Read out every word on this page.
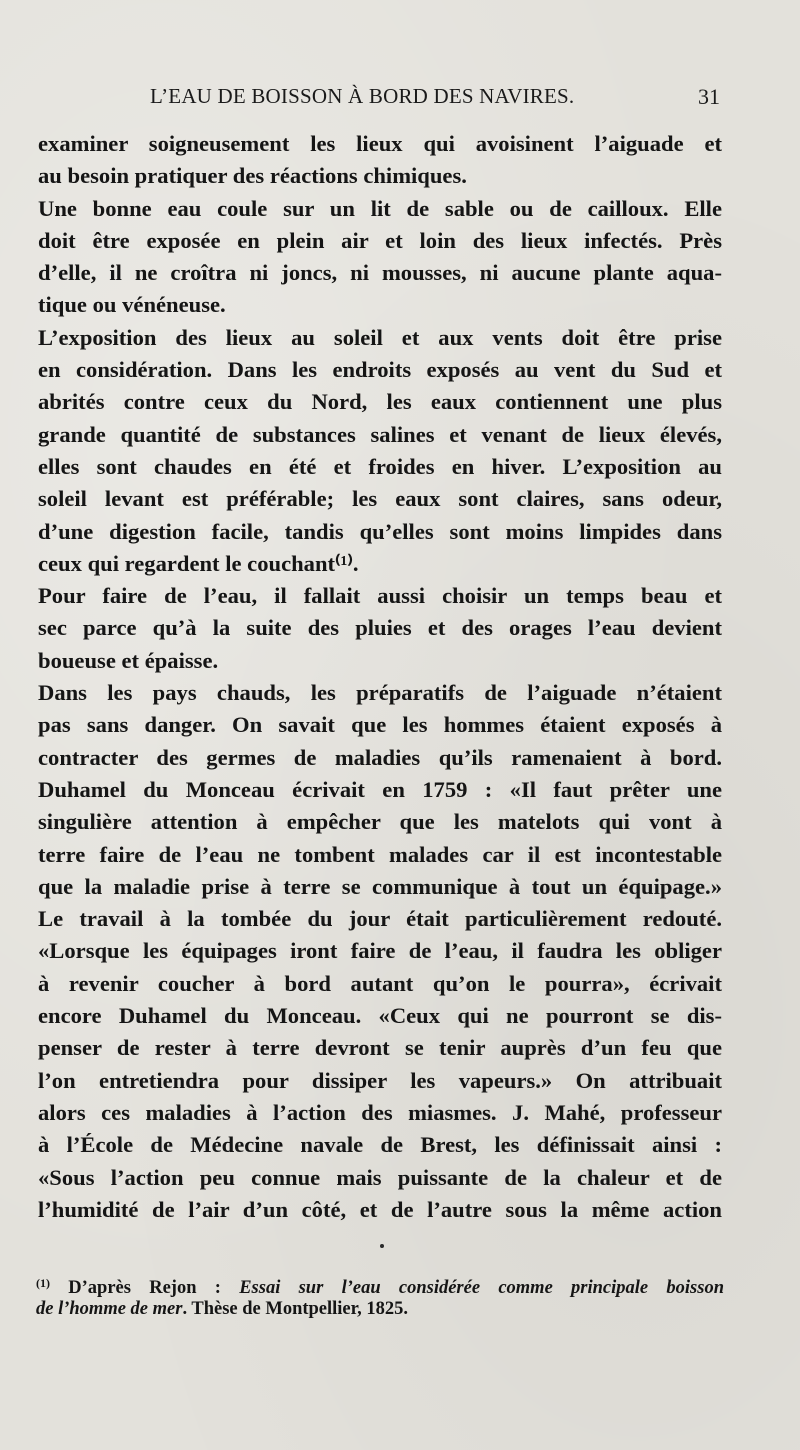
L’EAU DE BOISSON À BORD DES NAVIRES.	31
examiner soigneusement les lieux qui avoisinent l’aiguade et
au besoin pratiquer des réactions chimiques.
Une bonne eau coule sur un lit de sable ou de cailloux. Elle
doit être exposée en plein air et loin des lieux infectés. Près
d’elle, il ne croîtra ni joncs, ni mousses, ni aucune plante aqua-
tique ou vénéneuse.
L’exposition des lieux au soleil et aux vents doit être prise
en considération. Dans les endroits exposés au vent du Sud et
abrités contre ceux du Nord, les eaux contiennent une plus
grande quantité de substances salines et venant de lieux élevés,
elles sont chaudes en été et froides en hiver. L’exposition au
soleil levant est préférable; les eaux sont claires, sans odeur,
d’une digestion facile, tandis qu’elles sont moins limpides dans
ceux qui regardent le couchant⁽¹⁾.
Pour faire de l’eau, il fallait aussi choisir un temps beau et
sec parce qu’à la suite des pluies et des orages l’eau devient
boueuse et épaisse.
Dans les pays chauds, les préparatifs de l’aiguade n’étaient
pas sans danger. On savait que les hommes étaient exposés à
contracter des germes de maladies qu’ils ramenaient à bord.
Duhamel du Monceau écrivait en 1759 : «Il faut prêter une
singulière attention à empêcher que les matelots qui vont à
terre faire de l’eau ne tombent malades car il est incontestable
que la maladie prise à terre se communique à tout un équipage.»
Le travail à la tombée du jour était particulièrement redouté.
«Lorsque les équipages iront faire de l’eau, il faudra les obliger
à revenir coucher à bord autant qu’on le pourra», écrivait
encore Duhamel du Monceau. «Ceux qui ne pourront se dis-
penser de rester à terre devront se tenir auprès d’un feu que
l’on entretiendra pour dissiper les vapeurs.» On attribuait
alors ces maladies à l’action des miasmes. J. Mahé, professeur
à l’École de Médecine navale de Brest, les définissait ainsi :
«Sous l’action peu connue mais puissante de la chaleur et de
l’humidité de l’air d’un côté, et de l’autre sous la même action
$^{(1)}$ D’après Rejon : Essai sur l’eau considérée comme principale boisson
de l’homme de mer. Thèse de Montpellier, 1825.
